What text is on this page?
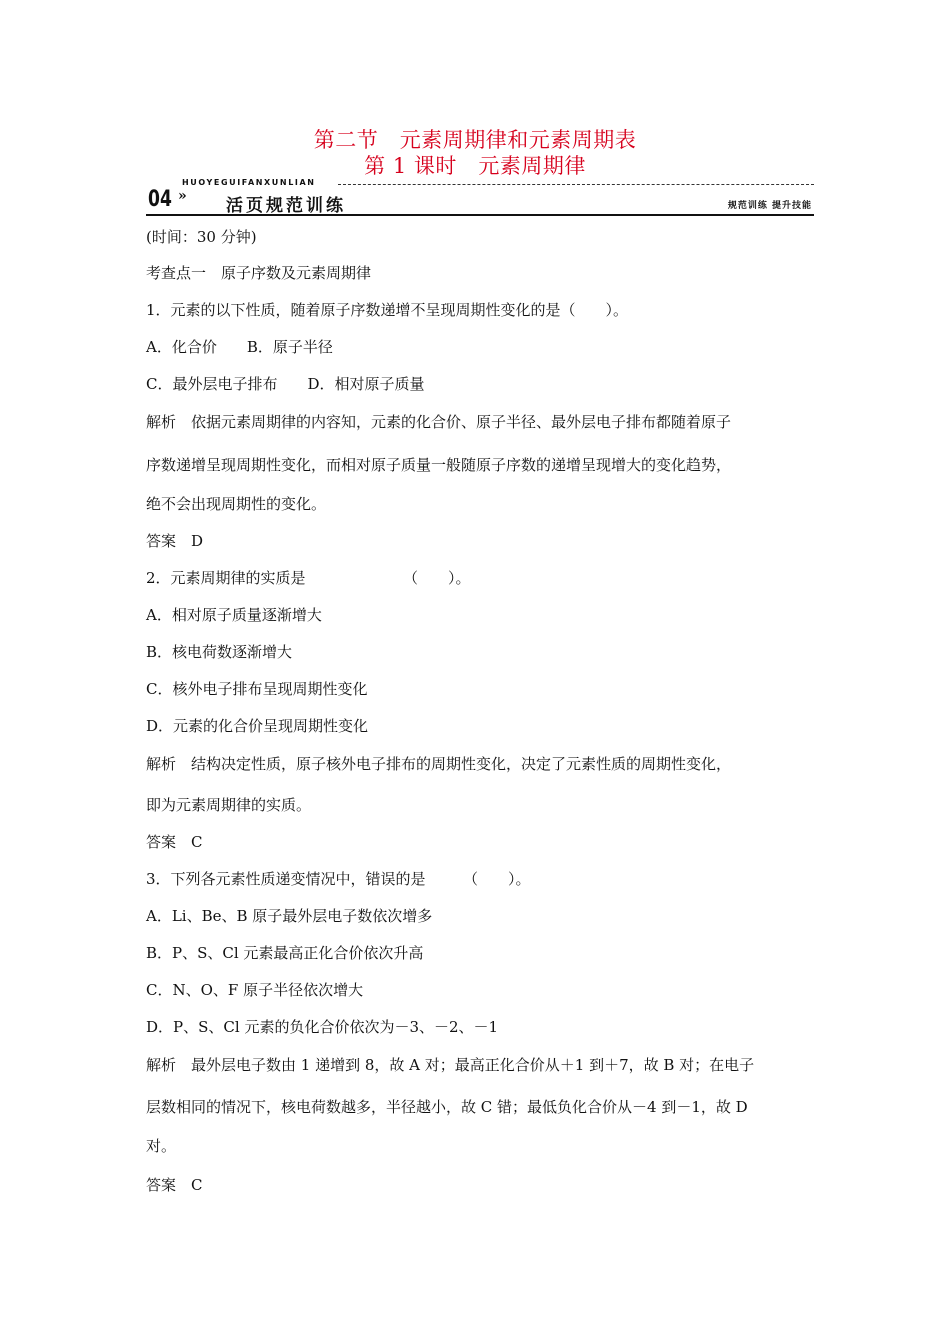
第二节　元素周期律和元素周期表
第 1 课时　元素周期律
HUOYEGUIFANXUNLIAN
04 » 活页规范训练	规范训练 提升技能
(时间：30 分钟)
考查点一　原子序数及元素周期律
1．元素的以下性质，随着原子序数递增不呈现周期性变化的是（　　）。
A．化合价　　B．原子半径
C．最外层电子排布　　D．相对原子质量
解析　依据元素周期律的内容知，元素的化合价、原子半径、最外层电子排布都随着原子
序数递增呈现周期性变化，而相对原子质量一般随原子序数的递增呈现增大的变化趋势，
绝不会出现周期性的变化。
答案　D
2．元素周期律的实质是　　　　　　　（　　）。
A．相对原子质量逐渐增大
B．核电荷数逐渐增大
C．核外电子排布呈现周期性变化
D．元素的化合价呈现周期性变化
解析　结构决定性质，原子核外电子排布的周期性变化，决定了元素性质的周期性变化，
即为元素周期律的实质。
答案　C
3．下列各元素性质递变情况中，错误的是　　　（　　）。
A．Li、Be、B 原子最外层电子数依次增多
B．P、S、Cl 元素最高正化合价依次升高
C．N、O、F 原子半径依次增大
D．P、S、Cl 元素的负化合价依次为－3、－2、－1
解析　最外层电子数由 1 递增到 8，故 A 对；最高正化合价从＋1 到＋7，故 B 对；在电子
层数相同的情况下，核电荷数越多，半径越小，故 C 错；最低负化合价从－4 到－1，故 D
对。
答案　C
